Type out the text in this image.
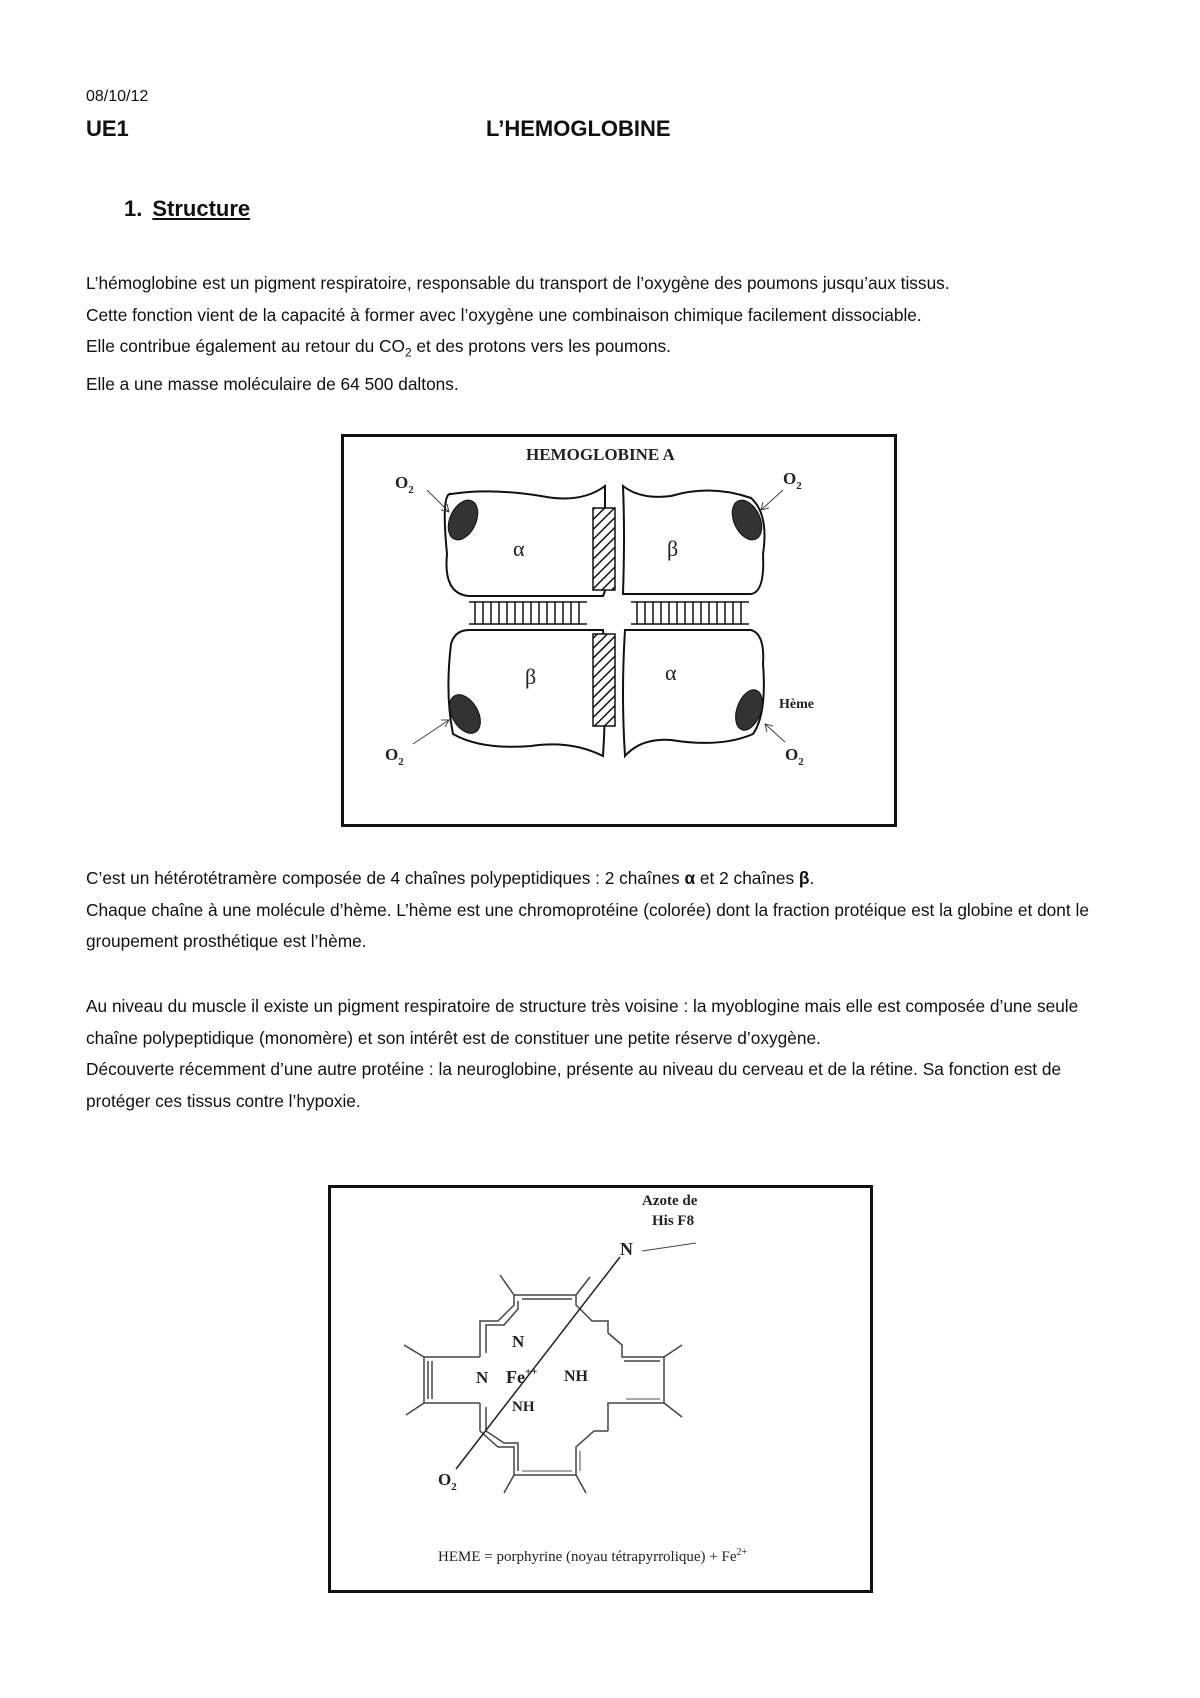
08/10/12
UE1	L’HEMOGLOBINE
1. Structure

L’hémoglobine est un pigment respiratoire, responsable du transport de l’oxygène des poumons jusqu’aux tissus.

Cette fonction vient de la capacité à former avec l’oxygène une combinaison chimique facilement dissociable.

Elle contribue également au retour du $CO_2$ et des protons vers les poumons.

Elle a une masse moléculaire de 64 500 daltons.

HEMOGLOBINE A
α	β
β	α
$O_2$
$O_2$
$O_2$	$O_2$
Hème

C’est un hétérotétramère composée de 4 chaînes polypeptidiques : 2 chaînes α et 2 chaînes β.

Chaque chaîne à une molécule d’hème. L’hème est une chromoprotéine (colorée) dont la fraction protéique est la globine et dont le groupement prosthétique est l’hème.

Au niveau du muscle il existe un pigment respiratoire de structure très voisine : la myoblogine mais elle est composée d’une seule chaîne polypeptidique (monomère) et son intérêt est de constituer une petite réserve d’oxygène.

Découverte récemment d’une autre protéine : la neuroglobine, présente au niveau du cerveau et de la rétine. Sa fonction est de protéger ces tissus contre l’hypoxie.

Azote de
His F8
N
N
N Fe++ NH
NH
$O_2$
HEME = porphyrine (noyau tétrapyrrolique) + $Fe^{2+}$
